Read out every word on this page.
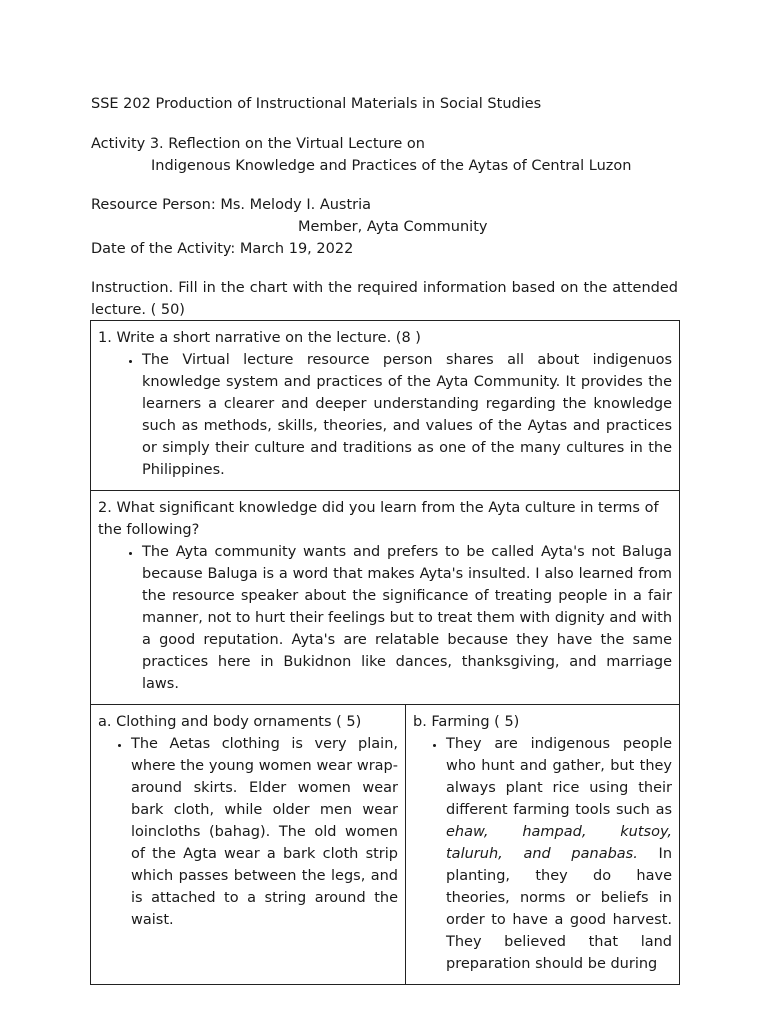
SSE 202 Production of Instructional Materials in Social Studies
Activity 3. Reflection on the Virtual Lecture on
Indigenous Knowledge and Practices of the Aytas of Central Luzon
Resource Person: Ms. Melody I. Austria
Member, Ayta Community
Date of the Activity: March 19, 2022
Instruction. Fill in the chart with the required information based on the attended lecture. ( 50)

1. Write a short narrative on the lecture. (8 )

• The Virtual lecture resource person shares all about indigenuos knowledge system and practices of the Ayta Community. It provides the learners a clearer and deeper understanding regarding the knowledge such as methods, skills, theories, and values of the Aytas and practices or simply their culture and traditions as one of the many cultures in the Philippines.

2. What significant knowledge did you learn from the Ayta culture in terms of the following?

• The Ayta community wants and prefers to be called Ayta's not Baluga because Baluga is a word that makes Ayta's insulted. I also learned from the resource speaker about the significance of treating people in a fair manner, not to hurt their feelings but to treat them with dignity and with a good reputation. Ayta's are relatable because they have the same practices here in Bukidnon like dances, thanksgiving, and marriage laws.

a. Clothing and body ornaments ( 5)

• The Aetas clothing is very plain, where the young women wear wrap-around skirts. Elder women wear bark cloth, while older men wear loincloths (bahag). The old women of the Agta wear a bark cloth strip which passes between the legs, and is attached to a string around the waist.

b. Farming ( 5)

• They are indigenous people who hunt and gather, but they always plant rice using their different farming tools such as ehaw, hampad, kutsoy, taluruh, and panabas. In planting, they do have theories, norms or beliefs in order to have a good harvest. They believed that land preparation should be during
